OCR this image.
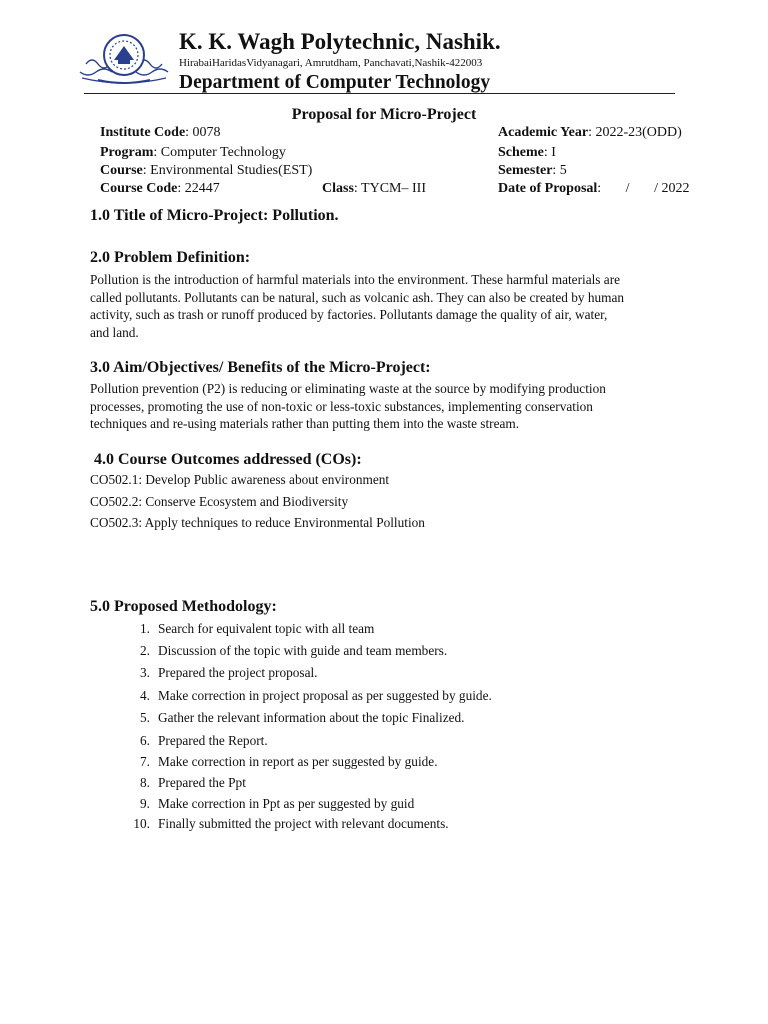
K. K. Wagh Polytechnic, Nashik.
HirabaiHaridasVidyanagari, Amrutdham, Panchavati,Nashik-422003
Department of Computer Technology
Proposal for Micro-Project
Institute Code: 0078	Academic Year: 2022-23(ODD)
Program: Computer Technology	Scheme: I
Course: Environmental Studies(EST)	Semester: 5
Course Code: 22447	Class: TYCM– III	Date of Proposal:       /       / 2022
1.0 Title of Micro-Project: Pollution.
2.0 Problem Definition:
Pollution is the introduction of harmful materials into the environment. These harmful materials are
called pollutants. Pollutants can be natural, such as volcanic ash. They can also be created by human
activity, such as trash or runoff produced by factories. Pollutants damage the quality of air, water,
and land.
3.0 Aim/Objectives/ Benefits of the Micro-Project:
Pollution prevention (P2) is reducing or eliminating waste at the source by modifying production
processes, promoting the use of non-toxic or less-toxic substances, implementing conservation
techniques and re-using materials rather than putting them into the waste stream.
4.0 Course Outcomes addressed (COs):
CO502.1: Develop Public awareness about environment
CO502.2: Conserve Ecosystem and Biodiversity
CO502.3: Apply techniques to reduce Environmental Pollution
5.0 Proposed Methodology:
1. Search for equivalent topic with all team
2. Discussion of the topic with guide and team members.
3. Prepared the project proposal.
4. Make correction in project proposal as per suggested by guide.
5. Gather the relevant information about the topic Finalized.
6. Prepared the Report.
7. Make correction in report as per suggested by guide.
8. Prepared the Ppt
9. Make correction in Ppt as per suggested by guid
10. Finally submitted the project with relevant documents.
